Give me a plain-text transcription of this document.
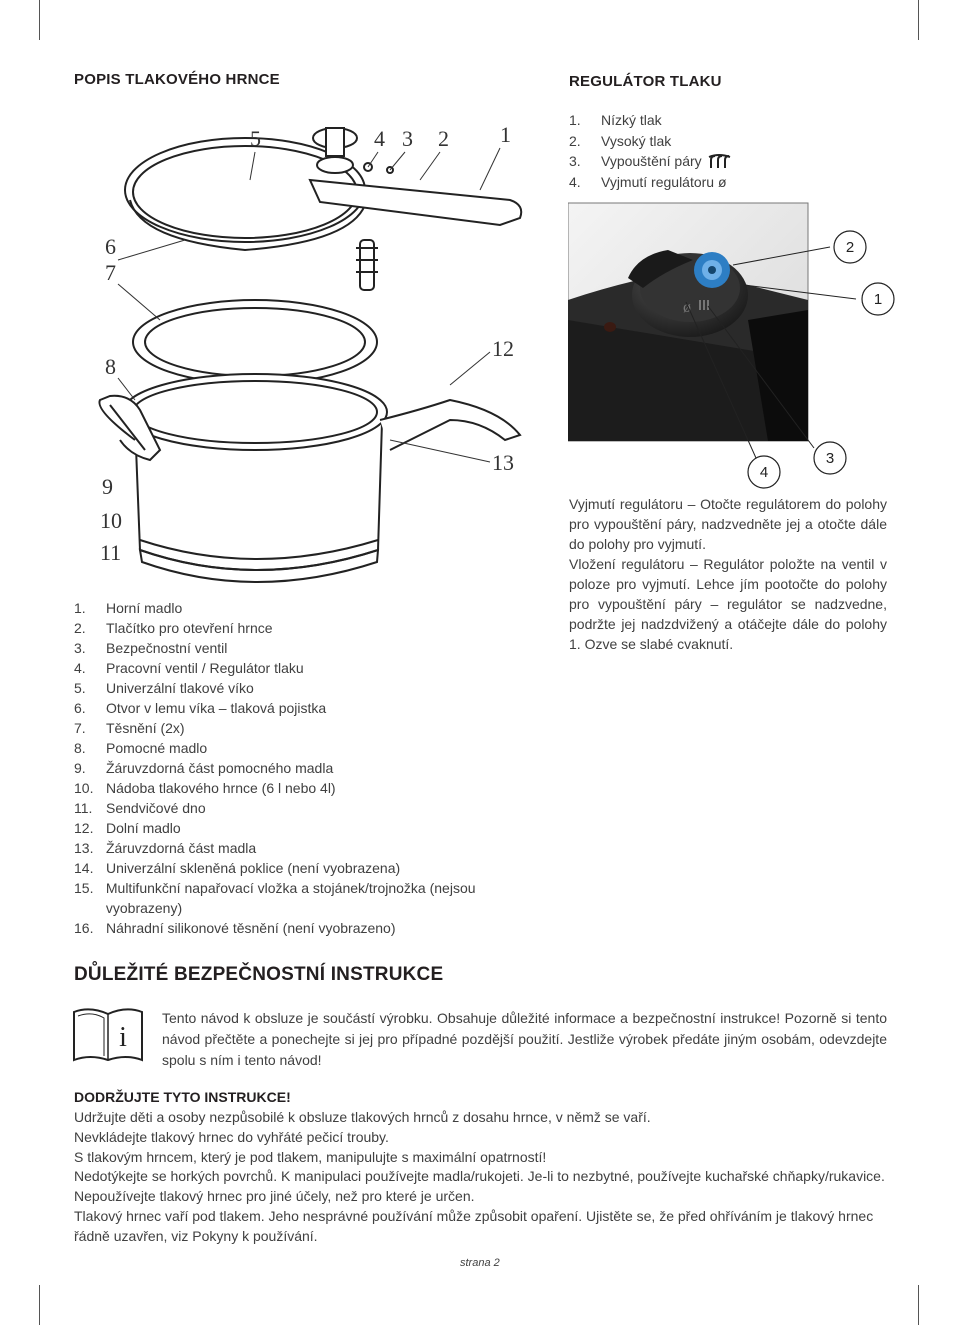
POPIS TLAKOVÉHO HRNCE
1
2
3
4
5
6
7
8
9
10
11
12
13
1.	Horní madlo
2.	Tlačítko pro otevření hrnce
3.	Bezpečnostní ventil
4.	Pracovní ventil / Regulátor tlaku
5.	Univerzální tlakové víko
6.	Otvor v lemu víka – tlaková pojistka
7.	Těsnění (2x)
8.	Pomocné madlo
9.	Žáruvzdorná část pomocného madla
10. Nádoba tlakového hrnce (6 l nebo 4l)
11. Sendvičové dno
12. Dolní madlo
13. Žáruvzdorná část madla
14. Univerzální skleněná poklice (není vyobrazena)
15. Multifunkční napařovací vložka a stojánek/trojnožka (nejsou vyobrazeny)
16. Náhradní silikonové těsnění (není vyobrazeno)
REGULÁTOR TLAKU
1.	Nízký tlak
2.	Vysoký tlak
3.	Vypouštění páry
4.	Vyjmutí regulátoru ø
ø
2
1
3
4

Vyjmutí regulátoru – Otočte regulátorem do polohy pro vypouštění páry, nadzvedněte jej a otočte dále do polohy pro vyjmutí.

Vložení regulátoru – Regulátor položte na ventil v poloze pro vyjmutí. Lehce jím pootočte do polohy pro vypouštění páry – regulátor se nadzvedne, podržte jej nadzdvižený a otáčejte dále do polohy 1. Ozve se slabé cvaknutí.

DŮLEŽITÉ BEZPEČNOSTNÍ INSTRUKCE
i

Tento návod k obsluze je součástí výrobku. Obsahuje důležité informace a bezpečnostní instrukce! Pozorně si tento návod přečtěte a ponechejte si jej pro případné pozdější použití. Jestliže výrobek předáte jiným osobám, odevzdejte spolu s ním i tento návod!

DODRŽUJTE TYTO INSTRUKCE!
Udržujte děti a osoby nezpůsobilé k obsluze tlakových hrnců z dosahu hrnce, v němž se vaří.
Nevkládejte tlakový hrnec do vyhřáté pečicí trouby.
S tlakovým hrncem, který je pod tlakem, manipulujte s maximální opatrností!
Nedotýkejte se horkých povrchů. K manipulaci používejte madla/rukojeti. Je-li to nezbytné, používejte kuchařské chňapky/rukavice.
Nepoužívejte tlakový hrnec pro jiné účely, než pro které je určen.
Tlakový hrnec vaří pod tlakem. Jeho nesprávné používání může způsobit opaření. Ujistěte se, že před ohříváním je tlakový hrnec řádně uzavřen, viz Pokyny k používání.
strana 2
